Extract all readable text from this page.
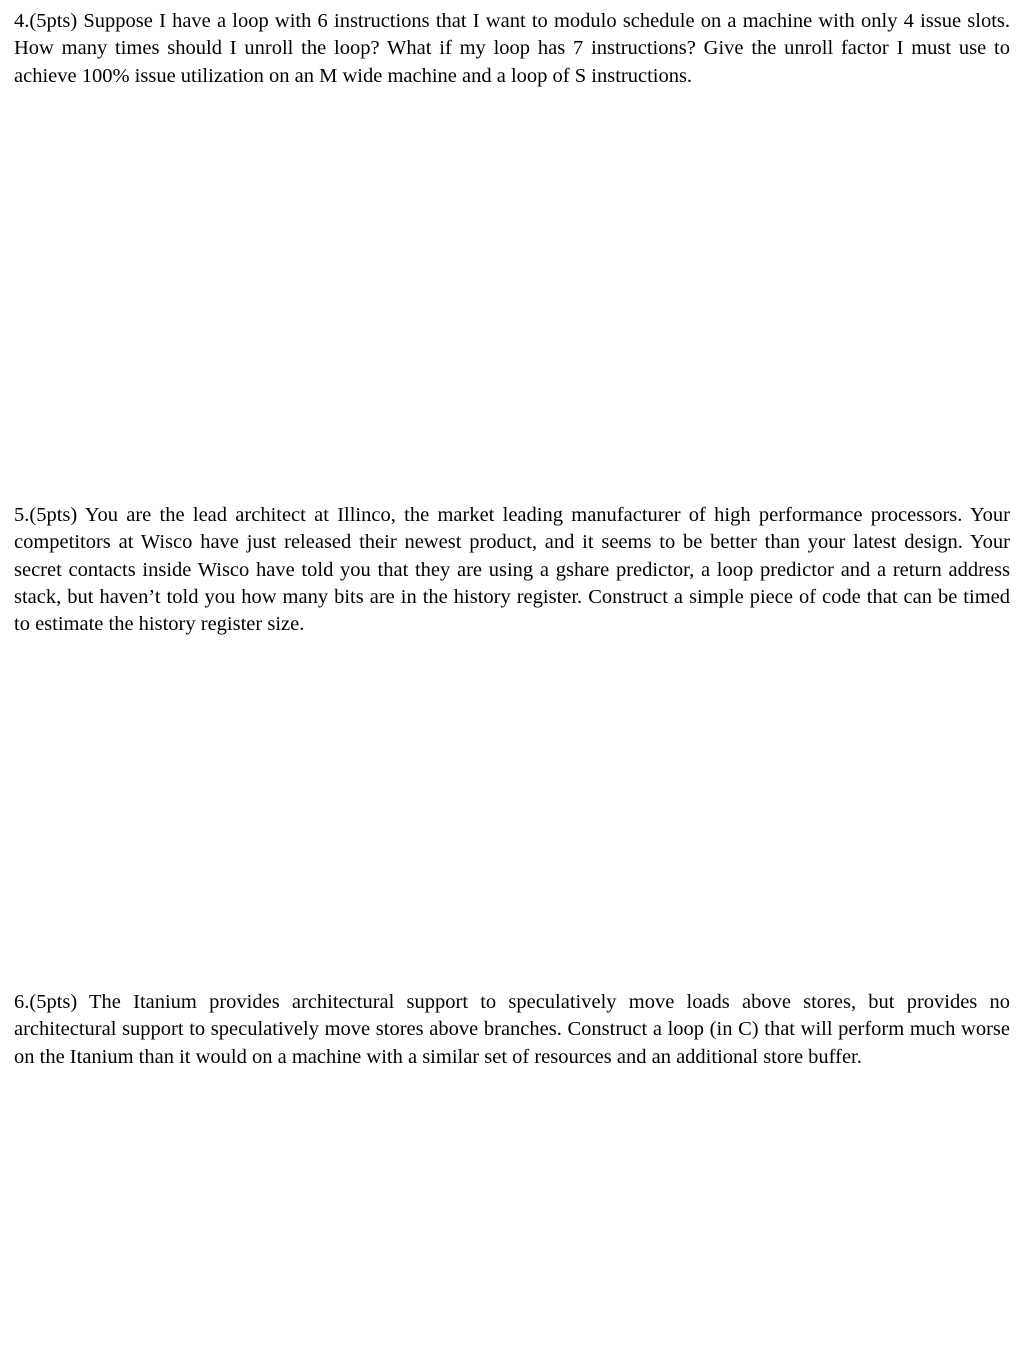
4.(5pts) Suppose I have a loop with 6 instructions that I want to modulo schedule on a machine with only 4 issue slots. How many times should I unroll the loop? What if my loop has 7 instructions? Give the unroll factor I must use to achieve 100% issue utilization on an M wide machine and a loop of S instructions.

5.(5pts) You are the lead architect at Illinco, the market leading manufacturer of high performance processors. Your competitors at Wisco have just released their newest product, and it seems to be better than your latest design. Your secret contacts inside Wisco have told you that they are using a gshare predictor, a loop predictor and a return address stack, but haven’t told you how many bits are in the history register. Construct a simple piece of code that can be timed to estimate the history register size.

6.(5pts) The Itanium provides architectural support to speculatively move loads above stores, but provides no architectural support to speculatively move stores above branches. Construct a loop (in C) that will perform much worse on the Itanium than it would on a machine with a similar set of resources and an additional store buffer.
